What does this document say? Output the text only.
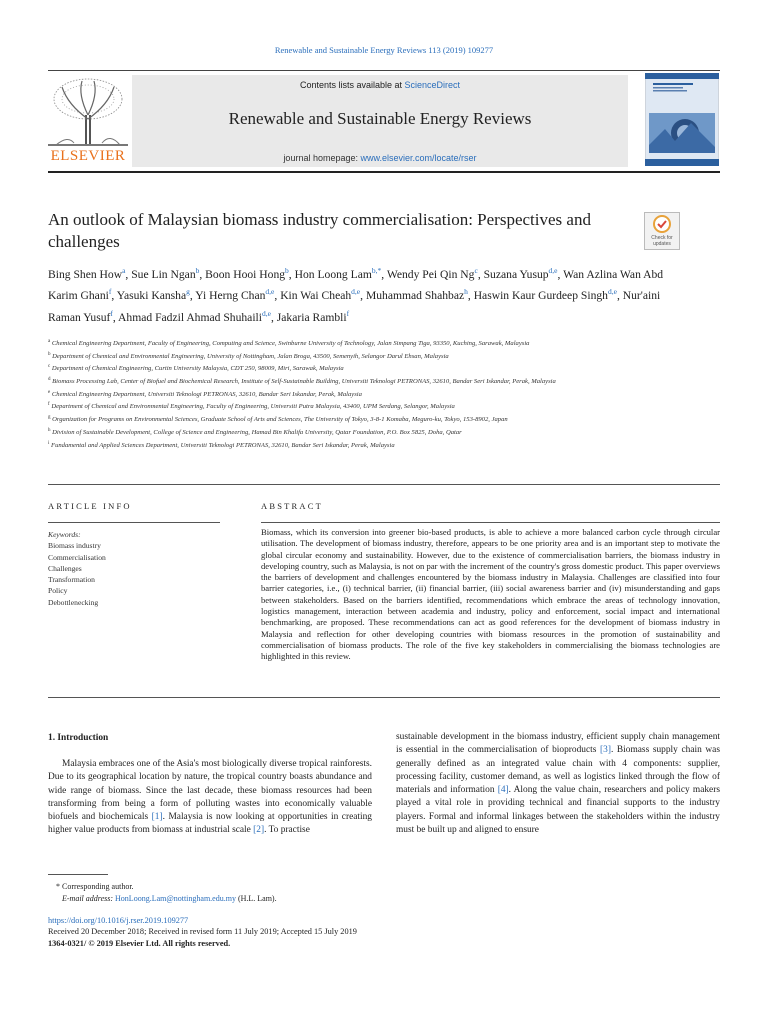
Renewable and Sustainable Energy Reviews 113 (2019) 109277
ELSEVIER
Contents lists available at ScienceDirect
Renewable and Sustainable Energy Reviews
journal homepage: www.elsevier.com/locate/rser
An outlook of Malaysian biomass industry commercialisation: Perspectives and challenges	Check for updates
Bing Shen How$^a$, Sue Lin Ngan$^b$, Boon Hooi Hong$^b$, Hon Loong Lam$^{b,*}$, Wendy Pei Qin Ng$^c$, Suzana Yusup$^{d,e}$, Wan Azlina Wan Abd Karim Ghani$^f$, Yasuki Kansha$^g$, Yi Herng Chan$^{d,e}$, Kin Wai Cheah$^{d,e}$, Muhammad Shahbaz$^h$, Haswin Kaur Gurdeep Singh$^{d,e}$, Nur'aini Raman Yusuf$^f$, Ahmad Fadzil Ahmad Shuhaili$^{d,e}$, Jakaria Rambli$^f$
$^a$ Chemical Engineering Department, Faculty of Engineering, Computing and Science, Swinburne University of Technology, Jalan Simpang Tiga, 93350, Kuching, Sarawak, Malaysia
$^b$ Department of Chemical and Environmental Engineering, University of Nottingham, Jalan Broga, 43500, Semenyih, Selangor Darul Ehsan, Malaysia
$^c$ Department of Chemical Engineering, Curtin University Malaysia, CDT 250, 98009, Miri, Sarawak, Malaysia
$^d$ Biomass Processing Lab, Center of Biofuel and Biochemical Research, Institute of Self-Sustainable Building, Universiti Teknologi PETRONAS, 32610, Bandar Seri Iskandar, Perak, Malaysia
$^e$ Chemical Engineering Department, Universiti Teknologi PETRONAS, 32610, Bandar Seri Iskandar, Perak, Malaysia
$^f$ Department of Chemical and Environmental Engineering, Faculty of Engineering, Universiti Putra Malaysia, 43400, UPM Serdang, Selangor, Malaysia
$^g$ Organization for Programs on Environmental Sciences, Graduate School of Arts and Sciences, The University of Tokyo, 3-8-1 Komaba, Meguro-ku, Tokyo, 153-8902, Japan
$^h$ Division of Sustainable Development, College of Science and Engineering, Hamad Bin Khalifa University, Qatar Foundation, P.O. Box 5825, Doha, Qatar
$^i$ Fundamental and Applied Sciences Department, Universiti Teknologi PETRONAS, 32610, Bandar Seri Iskandar, Perak, Malaysia
ARTICLE INFO	ABSTRACT
Keywords:
Biomass industry
Commercialisation
Challenges
Transformation
Policy
Debottlenecking
Biomass, which its conversion into greener bio-based products, is able to achieve a more balanced carbon cycle through circular utilisation. The development of biomass industry, therefore, appears to be one priority area and is an important step to motivate the global circular economy and sustainability. However, due to the existence of commercialisation barriers, the biomass industry in developing country, such as Malaysia, is not on par with the increment of the country's gross domestic product. This paper overviews the barriers of development and challenges encountered by the biomass industry in Malaysia. Challenges are classified into four barrier categories, i.e., (i) technical barrier, (ii) financial barrier, (iii) social awareness barrier and (iv) misunderstanding and gaps between stakeholders. Based on the barriers identified, recommendations which embrace the areas of technology innovation, logistics management, interaction between academia and industry, policy and enforcement, social impact and international benchmarking, are proposed. These recommendations can act as good references for the development of biomass industry in Malaysia and reflection for other developing countries with biomass resources in the promotion of sustainability and commercialisation of biomass products. The role of the five key stakeholders in commercialising the biomass technologies are highlighted in this review.
1. Introduction
Malaysia embraces one of the Asia's most biologically diverse tropical rainforests. Due to its geographical location by nature, the tropical country boasts abundance and wide range of biomass. Since the last decade, these biomass resources had been transforming from being a form of polluting wastes into economically valuable biofuels and biochemicals [1]. Malaysia is now looking at opportunities in creating higher value products from biomass at industrial scale [2]. To practise
sustainable development in the biomass industry, efficient supply chain management is essential in the commercialisation of bioproducts [3]. Biomass supply chain was generally defined as an integrated value chain with 4 components: supplier, processing facility, customer demand, as well as logistics linked through the flow of materials and information [4]. Along the value chain, researchers and policy makers played a vital role in providing technical and financial supports to the industry players. Formal and informal linkages between the stakeholders within the industry must be built up and aligned to ensure
* Corresponding author.
E-mail address: HonLoong.Lam@nottingham.edu.my (H.L. Lam).
https://doi.org/10.1016/j.rser.2019.109277
Received 20 December 2018; Received in revised form 11 July 2019; Accepted 15 July 2019
1364-0321/ © 2019 Elsevier Ltd. All rights reserved.
